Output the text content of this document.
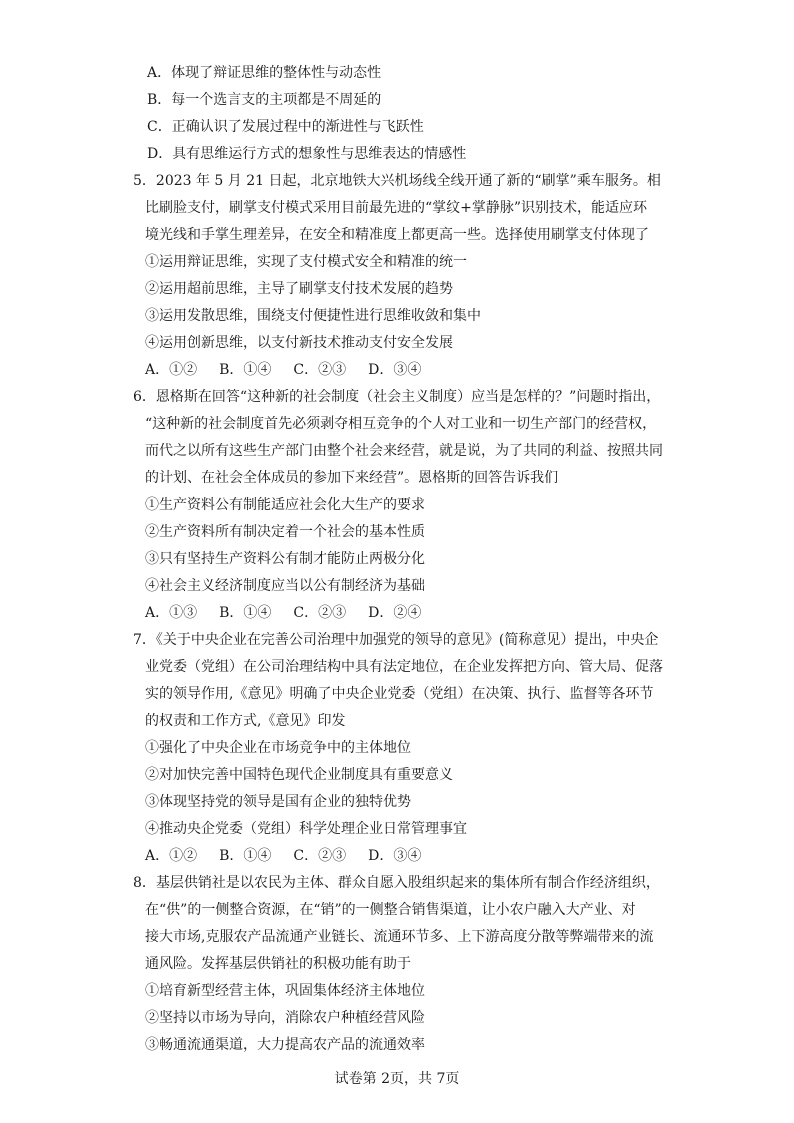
A．体现了辩证思维的整体性与动态性
B．每一个选言支的主项都是不周延的
C．正确认识了发展过程中的渐进性与飞跃性
D．具有思维运行方式的想象性与思维表达的情感性
5．2023 年 5 月 21 日起，北京地铁大兴机场线全线开通了新的“刷掌”乘车服务。相
比刷脸支付，刷掌支付模式采用目前最先进的“掌纹+掌静脉”识别技术，能适应环
境光线和手掌生理差异，在安全和精准度上都更高一些。选择使用刷掌支付体现了
①运用辩证思维，实现了支付模式安全和精准的统一
②运用超前思维，主导了刷掌支付技术发展的趋势
③运用发散思维，围绕支付便捷性进行思维收敛和集中
④运用创新思维，以支付新技术推动支付安全发展
A．①② B．①④ C．②③ D．③④
6．恩格斯在回答“这种新的社会制度（社会主义制度）应当是怎样的？”问题时指出，
“这种新的社会制度首先必须剥夺相互竞争的个人对工业和一切生产部门的经营权，
而代之以所有这些生产部门由整个社会来经营，就是说，为了共同的利益、按照共同
的计划、在社会全体成员的参加下来经营”。恩格斯的回答告诉我们
①生产资料公有制能适应社会化大生产的要求
②生产资料所有制决定着一个社会的基本性质
③只有坚持生产资料公有制才能防止两极分化
④社会主义经济制度应当以公有制经济为基础
A．①③ B．①④ C．②③ D．②④
7．《关于中央企业在完善公司治理中加强党的领导的意见》(简称意见）提出，中央企
业党委（党组）在公司治理结构中具有法定地位，在企业发挥把方向、管大局、促落
实的领导作用,《意见》明确了中央企业党委（党组）在决策、执行、监督等各环节
的权责和工作方式,《意见》印发
①强化了中央企业在市场竞争中的主体地位
②对加快完善中国特色现代企业制度具有重要意义
③体现坚持党的领导是国有企业的独特优势
④推动央企党委（党组）科学处理企业日常管理事宜
A．①② B．①④ C．②③ D．③④
8．基层供销社是以农民为主体、群众自愿入股组织起来的集体所有制合作经济组织，
在“供”的一侧整合资源，在“销”的一侧整合销售渠道，让小农户融入大产业、对
接大市场,克服农产品流通产业链长、流通环节多、上下游高度分散等弊端带来的流
通风险。发挥基层供销社的积极功能有助于
①培育新型经营主体，巩固集体经济主体地位
②坚持以市场为导向，消除农户种植经营风险
③畅通流通渠道，大力提高农产品的流通效率
试卷第 2页，共 7页
